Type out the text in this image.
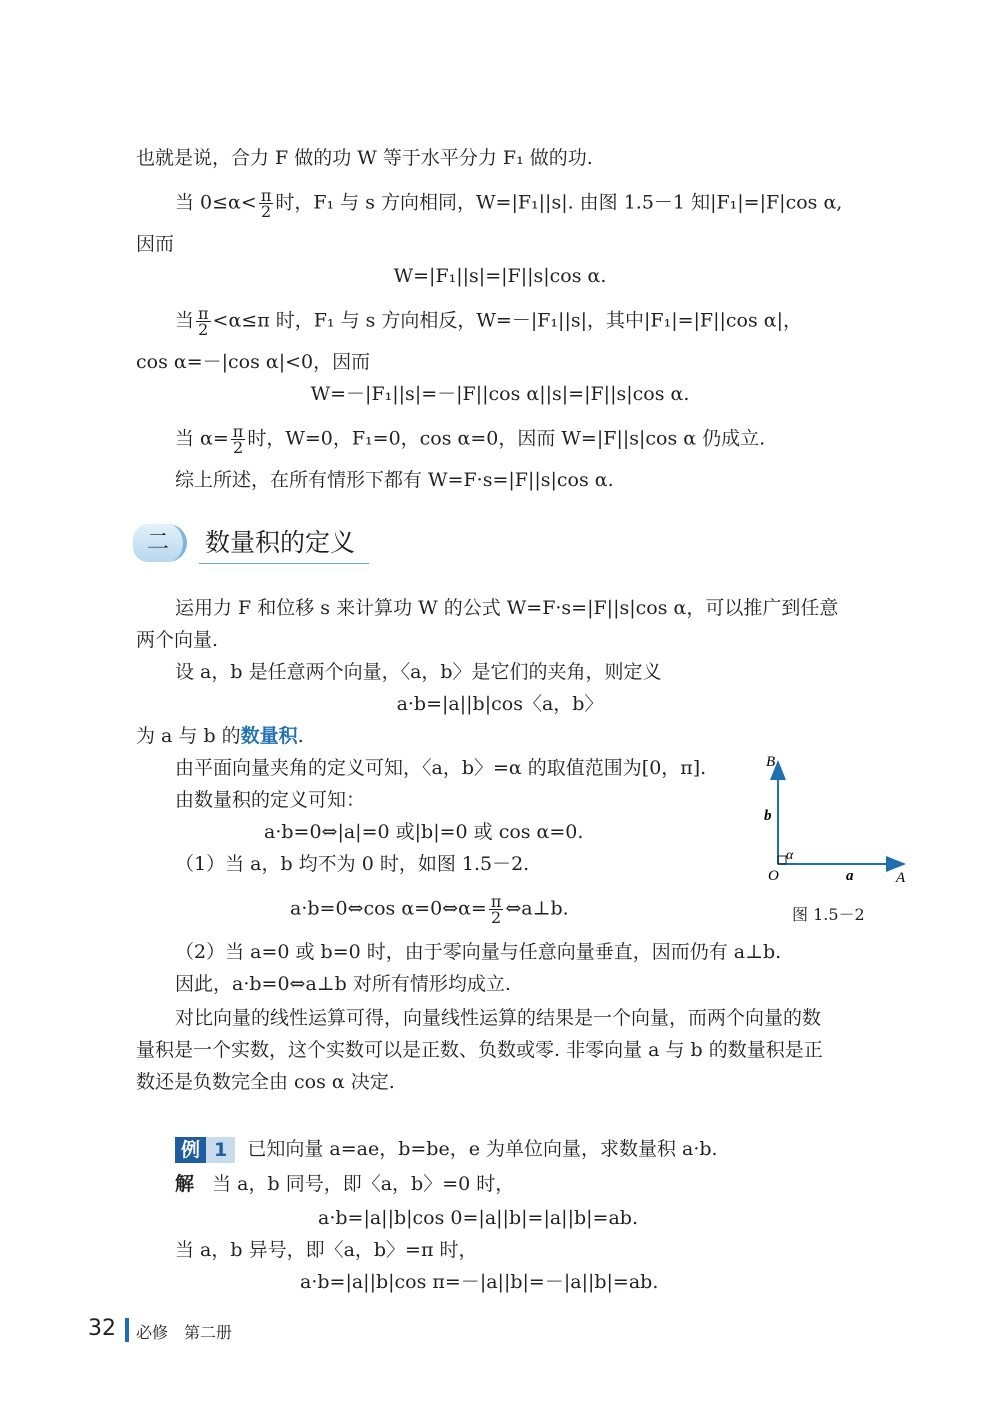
也就是说，合力 F 做的功 W 等于水平分力 F₁ 做的功.
当 $0\le\alpha< \frac{\pi}{2}$ 时，F₁ 与 s 方向相同，W=|F₁||s|. 由图 1.5－1 知|F₁|=|F|cos α,
因而
W=|F₁||s|=|F||s|cos α.
当 $\frac{\pi}{2} <\alpha\le\pi$ 时，F₁ 与 s 方向相反，W=－|F₁||s|，其中|F₁|=|F||cos α|，
cos α=－|cos α|<0，因而
W=－|F₁||s|=－|F||cos α||s|=|F||s|cos α.
当 $\alpha= \frac{\pi}{2}$ 时，W=0，F₁=0，cos α=0，因而 W=|F||s|cos α 仍成立.
综上所述，在所有情形下都有 W=F·s=|F||s|cos α.
二	数量积的定义
运用力 F 和位移 s 来计算功 W 的公式 W=F·s=|F||s|cos α，可以推广到任意
两个向量.
设 a，b 是任意两个向量，〈a，b〉是它们的夹角，则定义
a·b=|a||b|cos〈a，b〉
为 a 与 b 的数量积.
由平面向量夹角的定义可知，〈a，b〉=α 的取值范围为[0，π].
由数量积的定义可知：
a·b=0⇔|a|=0 或|b|=0 或 cos α=0.
（1）当 a，b 均不为 0 时，如图 1.5－2.
a·b=0⇔cos α=0⇔α= $\frac{\pi}{2}$ ⇔a⊥b.
（2）当 a=0 或 b=0 时，由于零向量与任意向量垂直，因而仍有 a⊥b.
因此，a·b=0⇔a⊥b 对所有情形均成立.
对比向量的线性运算可得，向量线性运算的结果是一个向量，而两个向量的数
量积是一个实数，这个实数可以是正数、负数或零. 非零向量 a 与 b 的数量积是正
数还是负数完全由 cos α 决定.
B
b
α
O	a	A
图 1.5－2
例 1 已知向量 a=ae，b=be，e 为单位向量，求数量积 a·b.
解 当 a，b 同号，即〈a，b〉=0 时，
a·b=|a||b|cos 0=|a||b|=|a||b|=ab.
当 a，b 异号，即〈a，b〉=π 时，
a·b=|a||b|cos π=－|a||b|=－|a||b|=ab.
32 必修　第二册
